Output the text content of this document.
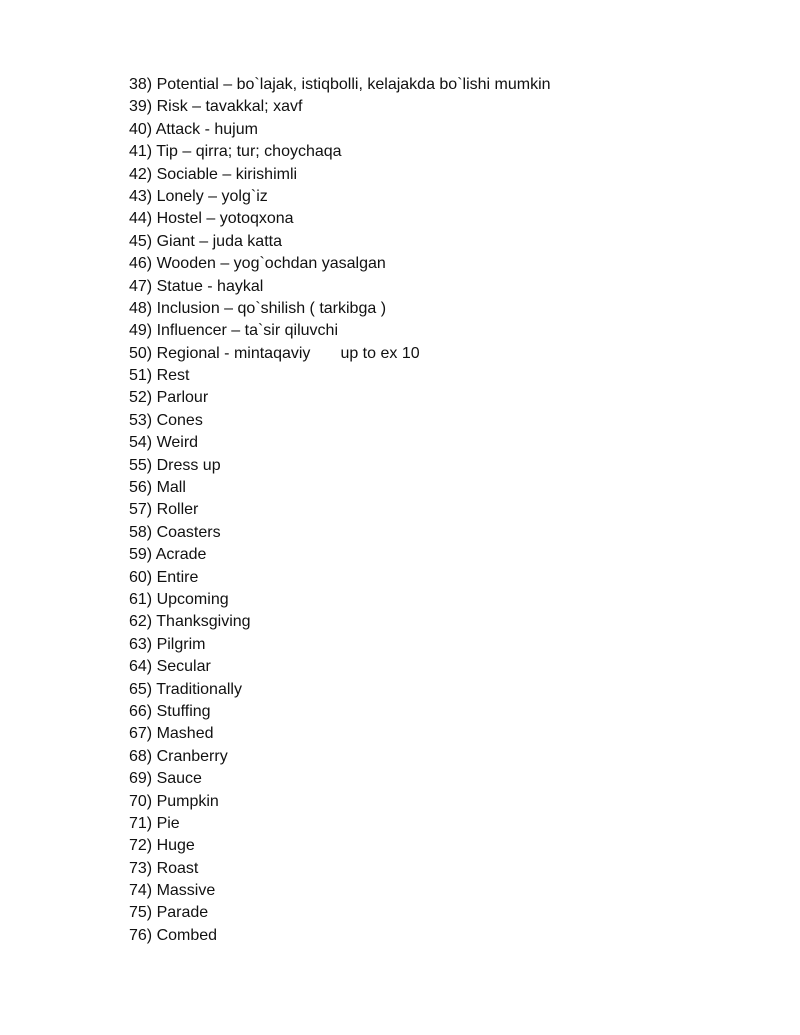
38) Potential – bo`lajak, istiqbolli, kelajakda bo`lishi mumkin
39) Risk – tavakkal; xavf
40) Attack - hujum
41) Tip – qirra; tur; choychaqa
42) Sociable – kirishimli
43) Lonely – yolg`iz
44) Hostel – yotoqxona
45) Giant – juda katta
46) Wooden – yog`ochdan yasalgan
47) Statue - haykal
48) Inclusion – qo`shilish ( tarkibga )
49) Influencer – ta`sir qiluvchi
50) Regional - mintaqaviy up to ex 10
51) Rest
52) Parlour
53) Cones
54) Weird
55) Dress up
56) Mall
57) Roller
58) Coasters
59) Acrade
60) Entire
61) Upcoming
62) Thanksgiving
63) Pilgrim
64) Secular
65) Traditionally
66) Stuffing
67) Mashed
68) Cranberry
69) Sauce
70) Pumpkin
71) Pie
72) Huge
73) Roast
74) Massive
75) Parade
76) Combed
